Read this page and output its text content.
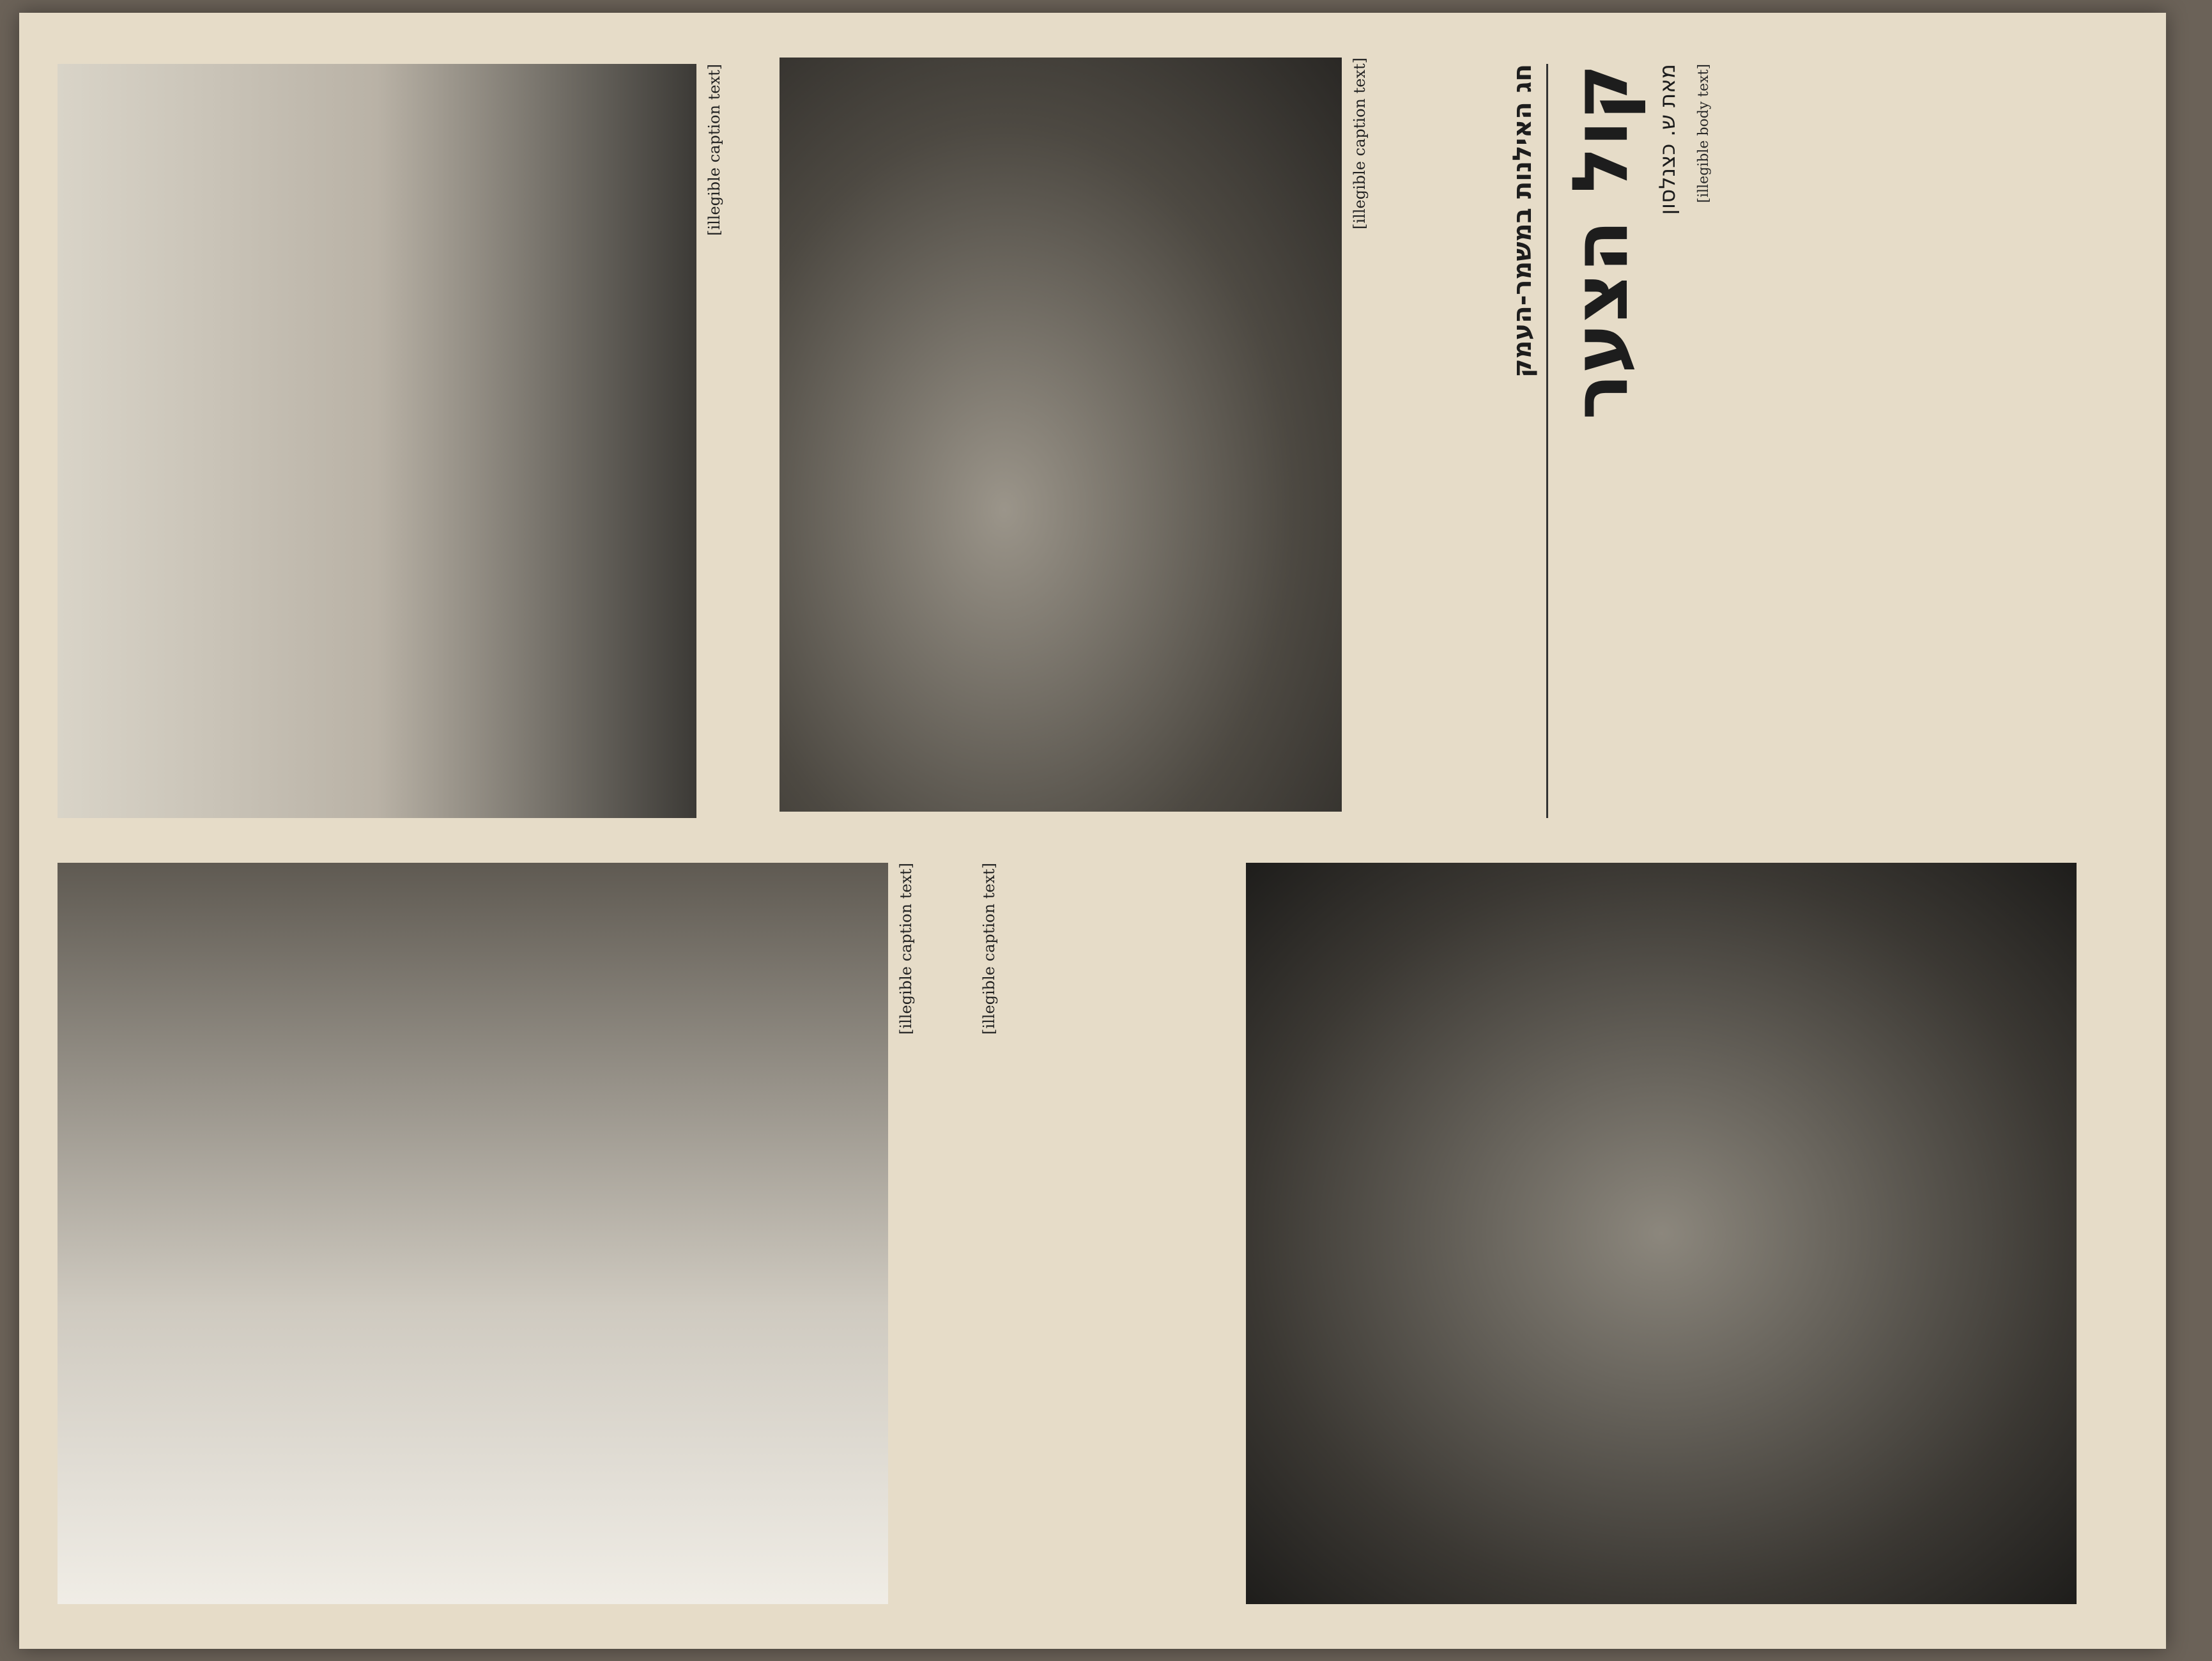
חג האילנות במשמר-העמק קול הצער מאת ש. כצנלסון [illegible body text]
[illegible caption text]
[illegible caption text]
[illegible caption text]
[illegible caption text]
